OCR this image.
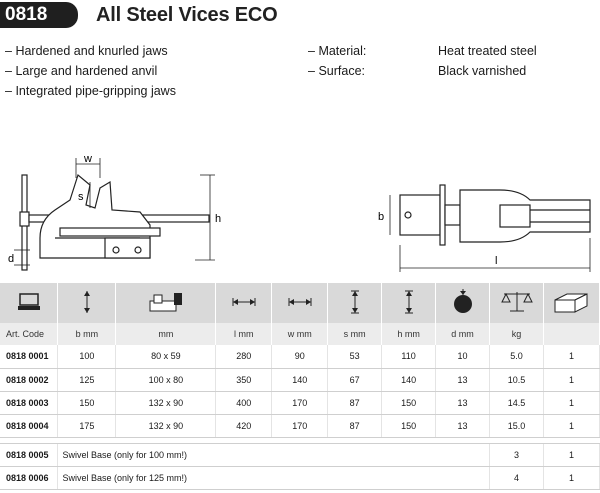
0818	All Steel Vices ECO
– Hardened and knurled jaws
– Large and hardened anvil
– Integrated pipe-gripping jaws
– Material:	Heat treated steel
– Surface:	Black varnished
w
s
h
d
b
l

Art. Code	b mm	mm	l mm	w mm	s mm	h mm	d mm	kg	
0818 0001	100	80 x 59	280	90	53	110	10	5.0	1
0818 0002	125	100 x 80	350	140	67	140	13	10.5	1
0818 0003	150	132 x 90	400	170	87	150	13	14.5	1
0818 0004	175	132 x 90	420	170	87	150	13	15.0	1

0818 0005	Swivel Base (only for 100 mm!)							3	1
0818 0006	Swivel Base (only for 125 mm!)							4	1
